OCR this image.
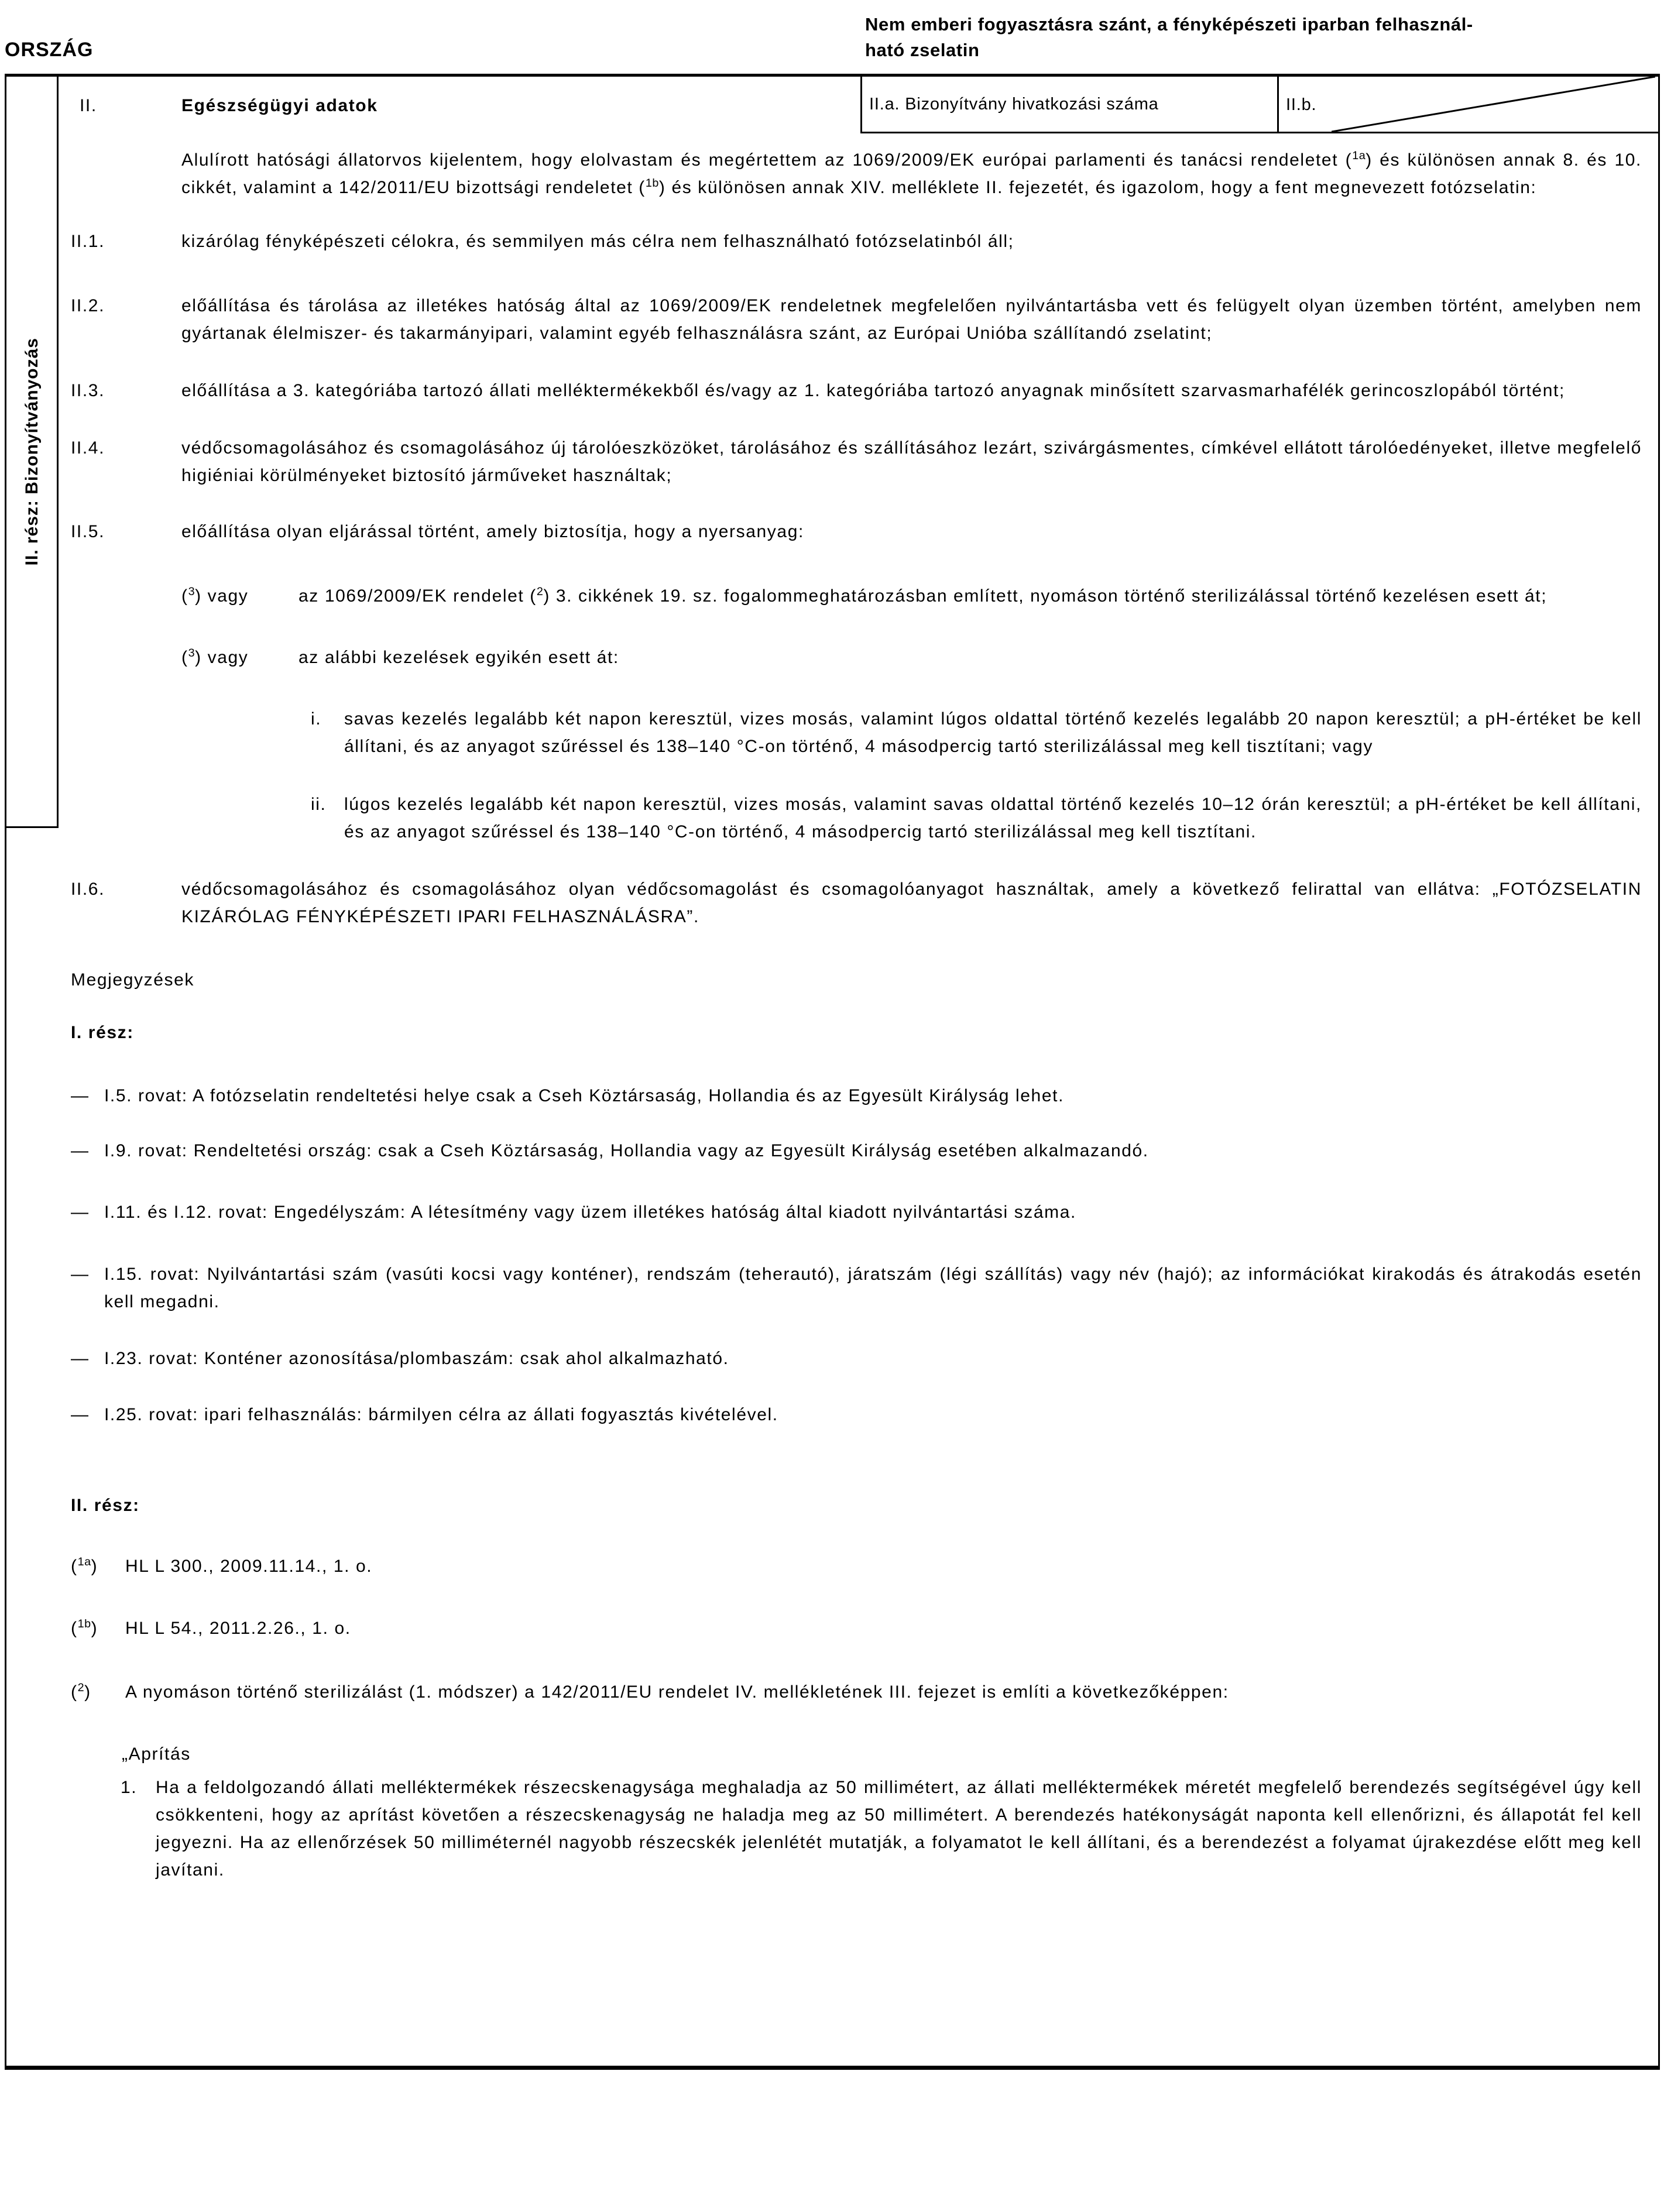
ORSZÁG
Nem emberi fogyasztásra szánt, a fényképészeti iparban felhasznál-
ható zselatin
II. rész: Bizonyítványozás
II.	Egészségügyi adatok	II.a. Bizonyítvány hivatkozási száma	II.b.
Alulírott hatósági állatorvos kijelentem, hogy elolvastam és megértettem az 1069/2009/EK európai parlamenti és tanácsi rendeletet ($^{1a}$) és különösen annak 8. és 10. cikkét, valamint a 142/2011/EU bizottsági rendeletet ($^{1b}$) és különösen annak XIV. melléklete II. fejezetét, és igazolom, hogy a fent megnevezett fotózselatin:
II.1.	kizárólag fényképészeti célokra, és semmilyen más célra nem felhasználható fotózselatinból áll;
II.2.	előállítása és tárolása az illetékes hatóság által az 1069/2009/EK rendeletnek megfelelően nyilvántartásba vett és felügyelt olyan üzemben történt, amelyben nem gyártanak élelmiszer- és takarmányipari, valamint egyéb felhasználásra szánt, az Európai Unióba szállítandó zselatint;
II.3.	előállítása a 3. kategóriába tartozó állati melléktermékekből és/vagy az 1. kategóriába tartozó anyagnak minősített szarvasmarhafélék gerincoszlopából történt;
II.4.	védőcsomagolásához és csomagolásához új tárolóeszközöket, tárolásához és szállításához lezárt, szivárgásmentes, címkével ellátott tárolóedényeket, illetve megfelelő higiéniai körülményeket biztosító járműveket használtak;
II.5.	előállítása olyan eljárással történt, amely biztosítja, hogy a nyersanyag:
($^3$) vagy	az 1069/2009/EK rendelet ($^2$) 3. cikkének 19. sz. fogalommeghatározásban említett, nyomáson történő sterilizálással történő kezelésen esett át;
($^3$) vagy	az alábbi kezelések egyikén esett át:
i.	savas kezelés legalább két napon keresztül, vizes mosás, valamint lúgos oldattal történő kezelés legalább 20 napon keresztül; a pH-értéket be kell állítani, és az anyagot szűréssel és 138–140 °C-on történő, 4 másodpercig tartó sterilizálással meg kell tisztítani; vagy
ii.	lúgos kezelés legalább két napon keresztül, vizes mosás, valamint savas oldattal történő kezelés 10–12 órán keresztül; a pH-értéket be kell állítani, és az anyagot szűréssel és 138–140 °C-on történő, 4 másodpercig tartó sterilizálással meg kell tisztítani.
II.6.	védőcsomagolásához és csomagolásához olyan védőcsomagolást és csomagolóanyagot használtak, amely a következő felirattal van ellátva: „FOTÓZSELATIN KIZÁRÓLAG FÉNYKÉPÉSZETI IPARI FELHASZNÁLÁSRA”.
Megjegyzések
I. rész:
— I.5. rovat: A fotózselatin rendeltetési helye csak a Cseh Köztársaság, Hollandia és az Egyesült Királyság lehet.
— I.9. rovat: Rendeltetési ország: csak a Cseh Köztársaság, Hollandia vagy az Egyesült Királyság esetében alkalmazandó.
— I.11. és I.12. rovat: Engedélyszám: A létesítmény vagy üzem illetékes hatóság által kiadott nyilvántartási száma.
— I.15. rovat: Nyilvántartási szám (vasúti kocsi vagy konténer), rendszám (teherautó), járatszám (légi szállítás) vagy név (hajó); az információkat kirakodás és átrakodás esetén kell megadni.
— I.23. rovat: Konténer azonosítása/plombaszám: csak ahol alkalmazható.
— I.25. rovat: ipari felhasználás: bármilyen célra az állati fogyasztás kivételével.
II. rész:
($^{1a}$)	HL L 300., 2009.11.14., 1. o.
($^{1b}$)	HL L 54., 2011.2.26., 1. o.
($^2$)	A nyomáson történő sterilizálást (1. módszer) a 142/2011/EU rendelet IV. mellékletének III. fejezet is említi a következőképpen:
„Aprítás
1.	Ha a feldolgozandó állati melléktermékek részecskenagysága meghaladja az 50 millimétert, az állati melléktermékek méretét megfelelő berendezés segítségével úgy kell csökkenteni, hogy az aprítást követően a részecskenagyság ne haladja meg az 50 millimétert. A berendezés hatékonyságát naponta kell ellenőrizni, és állapotát fel kell jegyezni. Ha az ellenőrzések 50 milliméternél nagyobb részecskék jelenlétét mutatják, a folyamatot le kell állítani, és a berendezést a folyamat újrakezdése előtt meg kell javítani.
